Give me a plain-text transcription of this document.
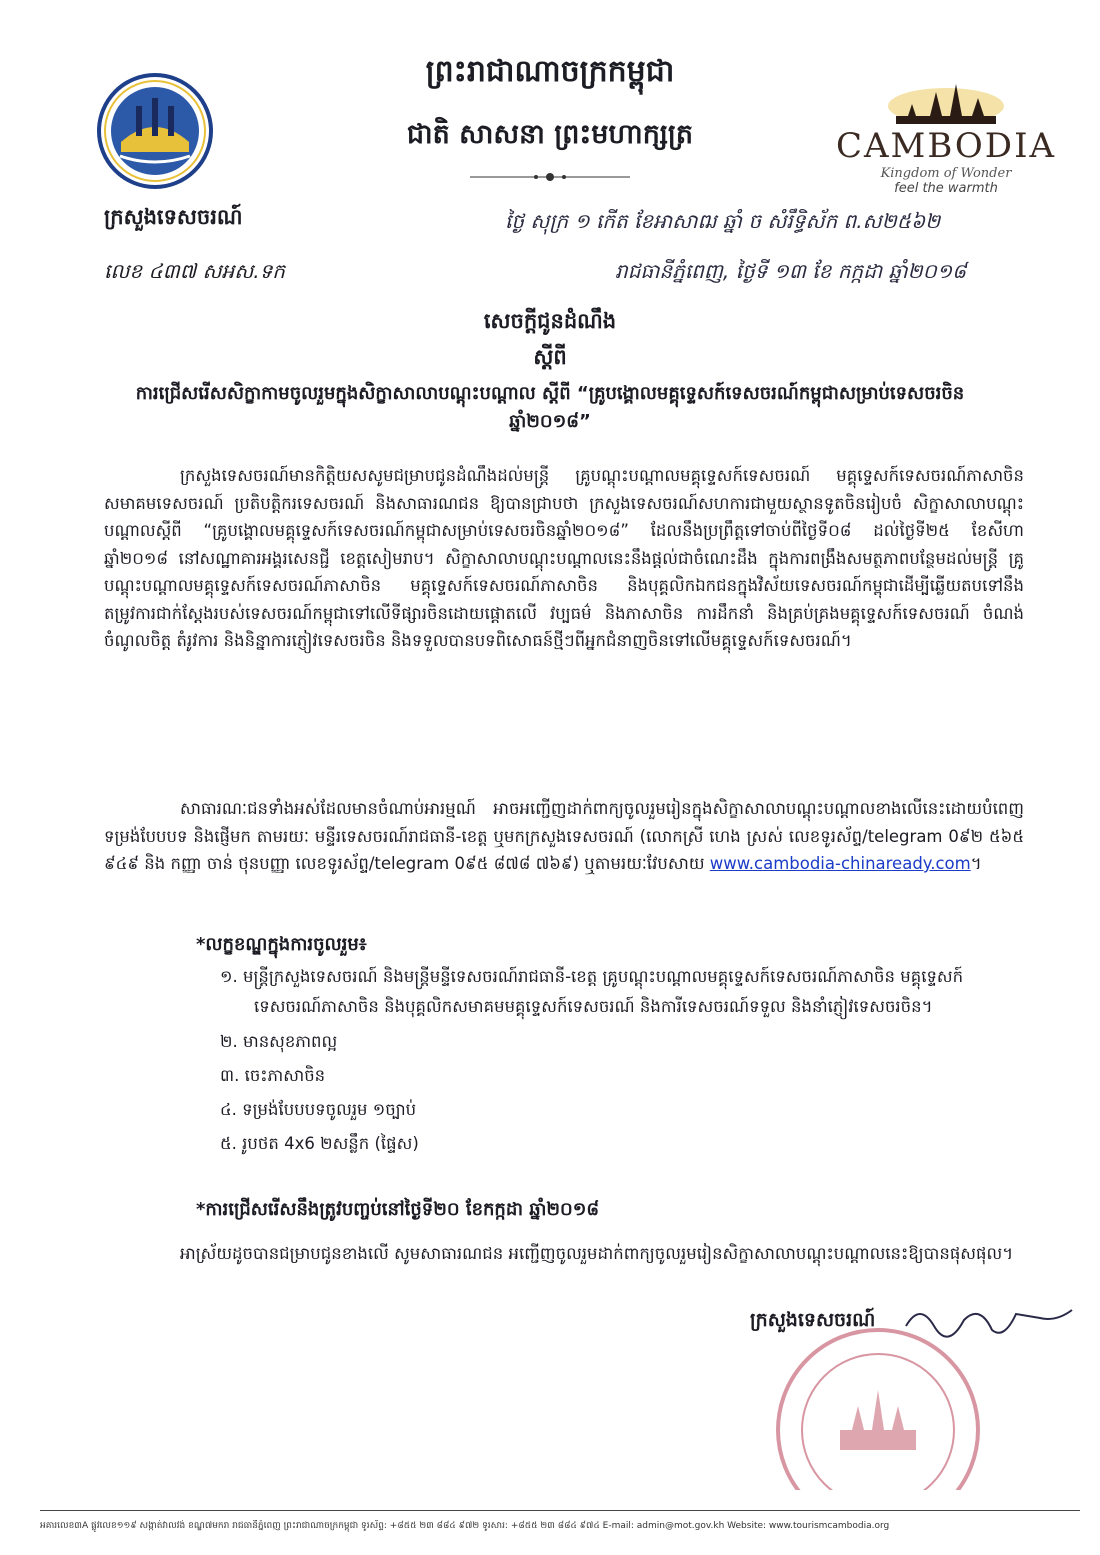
CAMBODIA
Kingdom of Wonder
feel the warmth
ព្រះរាជាណាចក្រកម្ពុជា
ជាតិ សាសនា ព្រះមហាក្សត្រ
ក្រសួងទេសចរណ៍
លេខ ៤៣៧ សអស.ទក
ថ្ងៃ សុក្រ ១ កើត ខែអាសាឍ ឆ្នាំ ច សំរឹទ្ធិស័ក ព.ស២៥៦២
រាជធានីភ្នំពេញ, ថ្ងៃទី ១៣ ខែ កក្កដា ឆ្នាំ២០១៨
សេចក្តីជូនដំណឹង
ស្តីពី
ការជ្រើសរើសសិក្ខាកាមចូលរួមក្នុងសិក្ខាសាលាបណ្តុះបណ្តាល ស្តីពី “គ្រូបង្គោលមគ្គុទ្ទេសក៍ទេសចរណ៍កម្ពុជាសម្រាប់ទេសចរចិនឆ្នាំ២០១៨”
ក្រសួងទេសចរណ៍មានកិត្តិយសសូមជម្រាបជូនដំណឹងដល់មន្ត្រី គ្រូបណ្តុះបណ្តាលមគ្គុទ្ទេសក៍ទេសចរណ៍ មគ្គុទ្ទេសក៍ទេសចរណ៍ភាសាចិន សមាគមទេសចរណ៍ ប្រតិបត្តិករទេសចរណ៍ និងសាធារណជន ឱ្យបានជ្រាបថា ក្រសួងទេសចរណ៍សហការជាមួយស្ថានទូតចិនរៀបចំ សិក្ខាសាលាបណ្តុះបណ្តាលស្តីពី “គ្រូបង្គោលមគ្គុទ្ទេសក៍ទេសចរណ៍កម្ពុជាសម្រាប់ទេសចរចិនឆ្នាំ២០១៨” ដែលនឹងប្រព្រឹត្តទៅចាប់ពីថ្ងៃទី០៨ ដល់ថ្ងៃទី២៥ ខែសីហា ឆ្នាំ២០១៨ នៅសណ្ឋាគារអង្គរសេនជ្ជី ខេត្តសៀមរាប។ សិក្ខាសាលាបណ្តុះបណ្តាលនេះនឹងផ្តល់ជាចំណេះដឹង ក្នុងការពង្រឹងសមត្ថភាពបន្ថែមដល់មន្ត្រី គ្រូបណ្តុះបណ្តាលមគ្គុទ្ទេសក៍ទេសចរណ៍ភាសាចិន មគ្គុទ្ទេសក៍ទេសចរណ៍ភាសាចិន និងបុគ្គលិកឯកជនក្នុងវិស័យទេសចរណ៍កម្ពុជាដើម្បីឆ្លើយតបទៅនឹងតម្រូវការជាក់ស្តែងរបស់ទេសចរណ៍កម្ពុជាទៅលើទីផ្សារចិនដោយផ្តោតលើ វប្បធម៌ និងភាសាចិន ការដឹកនាំ និងគ្រប់គ្រងមគ្គុទ្ទេសក៍ទេសចរណ៍ ចំណង់ចំណូលចិត្ត តំរូវការ និងនិន្នាការភ្ញៀវទេសចរចិន និងទទួលបានបទពិសោធន៍ថ្មីៗពីអ្នកជំនាញចិនទៅលើមគ្គុទ្ទេសក៍ទេសចរណ៍។
សាធារណៈជនទាំងអស់ដែលមានចំណាប់អារម្មណ៍ អាចអញ្ជើញដាក់ពាក្យចូលរួមរៀនក្នុងសិក្ខាសាលាបណ្តុះបណ្តាលខាងលើនេះដោយបំពេញទម្រង់បែបបទ និងផ្ញើមក តាមរយៈ មន្ទីរទេសចរណ៍រាជធានី-ខេត្ត ឬមកក្រសួងទេសចរណ៍ (លោកស្រី ហេង ស្រស់ លេខទូរស័ព្ទ/telegram 0៩២ ៥៦៥ ៩៤៩ និង កញ្ញា ចាន់ ថុនបញ្ញា លេខទូរស័ព្ទ/telegram 0៩៥ ៨៧៨ ៧៦៩) ឬតាមរយៈវែបសាយ www.cambodia-chinaready.com។
*លក្ខខណ្ឌក្នុងការចូលរួម៖
១. មន្ត្រីក្រសួងទេសចរណ៍ និងមន្ត្រីមន្ទីទេសចរណ៍រាជធានី-ខេត្ត គ្រូបណ្តុះបណ្តាលមគ្គុទ្ទេសក៍ទេសចរណ៍ភាសាចិន មគ្គុទ្ទេសក៍ទេសចរណ៍ភាសាចិន និងបុគ្គលិកសមាគមមគ្គុទ្ទេសក៍ទេសចរណ៍ និងការីទេសចរណ៍ទទួល និងនាំភ្ញៀវទេសចរចិន។
២. មានសុខភាពល្អ
៣. ចេះភាសាចិន
៤. ទម្រង់បែបបទចូលរួម ១ច្បាប់
៥. រូបថត 4x6 ២សន្លឹក (ផ្ទៃស)
*ការជ្រើសរើសនឹងត្រូវបញ្ចប់នៅថ្ងៃទី២០ ខែកក្កដា ឆ្នាំ២០១៨
អាស្រ័យដូចបានជម្រាបជូនខាងលើ សូមសាធារណជន អញ្ជើញចូលរួមដាក់ពាក្យចូលរួមរៀនសិក្ខាសាលាបណ្តុះបណ្តាលនេះឱ្យបានផុសផុល។
ក្រសួងទេសចរណ៍
អគារលេខ៣A ផ្លូវលេខ១១៩ សង្កាត់វាលវង់ ខណ្ឌ៧មករា រាជធានីភ្នំពេញ ព្រះរាជាណាចក្រកម្ពុជា ទូរស័ព្ទ: +៨៥៥ ២៣ ៨៨៤ ៩៧២ ទូរសារ: +៨៥៥ ២៣ ៨៨៤ ៩៧៤ E-mail: admin@mot.gov.kh Website: www.tourismcambodia.org
